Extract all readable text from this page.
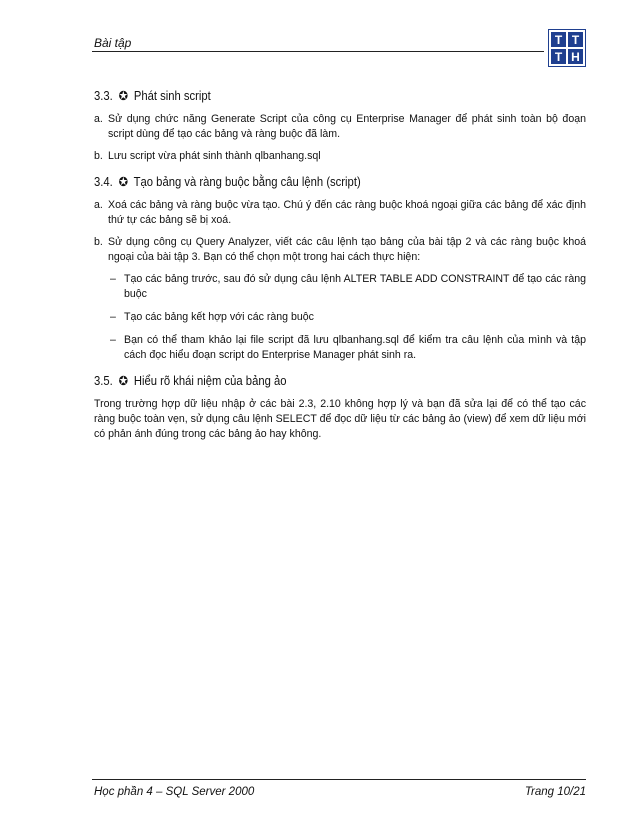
Bài tập	T T
T H
3.3. ✪ Phát sinh script
a. Sử dụng chức năng Generate Script của công cụ Enterprise Manager để phát sinh toàn bộ đoạn script dùng để tạo các bảng và ràng buộc đã làm.
b. Lưu script vừa phát sinh thành qlbanhang.sql
3.4. ✪ Tạo bảng và ràng buộc bằng câu lệnh (script)
a. Xoá các bảng và ràng buộc vừa tạo. Chú ý đến các ràng buộc khoá ngoại giữa các bảng để xác định thứ tự các bảng sẽ bị xoá.
b. Sử dụng công cụ Query Analyzer, viết các câu lệnh tạo bảng của bài tập 2 và các ràng buộc khoá ngoại của bài tập 3. Bạn có thể chọn một trong hai cách thực hiện:
– Tạo các bảng trước, sau đó sử dụng câu lệnh ALTER TABLE ADD CONSTRAINT để tạo các ràng buộc
– Tạo các bảng kết hợp với các ràng buộc
– Bạn có thể tham khảo lại file script đã lưu qlbanhang.sql để kiểm tra câu lệnh của mình và tập cách đọc hiểu đoạn script do Enterprise Manager phát sinh ra.
3.5. ✪ Hiểu rõ khái niệm của bảng ảo

Trong trường hợp dữ liệu nhập ở các bài 2.3, 2.10 không hợp lý và bạn đã sửa lại để có thể tạo các ràng buộc toàn vẹn, sử dụng câu lệnh SELECT để đọc dữ liệu từ các bảng ảo (view) để xem dữ liệu mới có phản ánh đúng trong các bảng ảo hay không.

Học phần 4 – SQL Server 2000	Trang 10/21
